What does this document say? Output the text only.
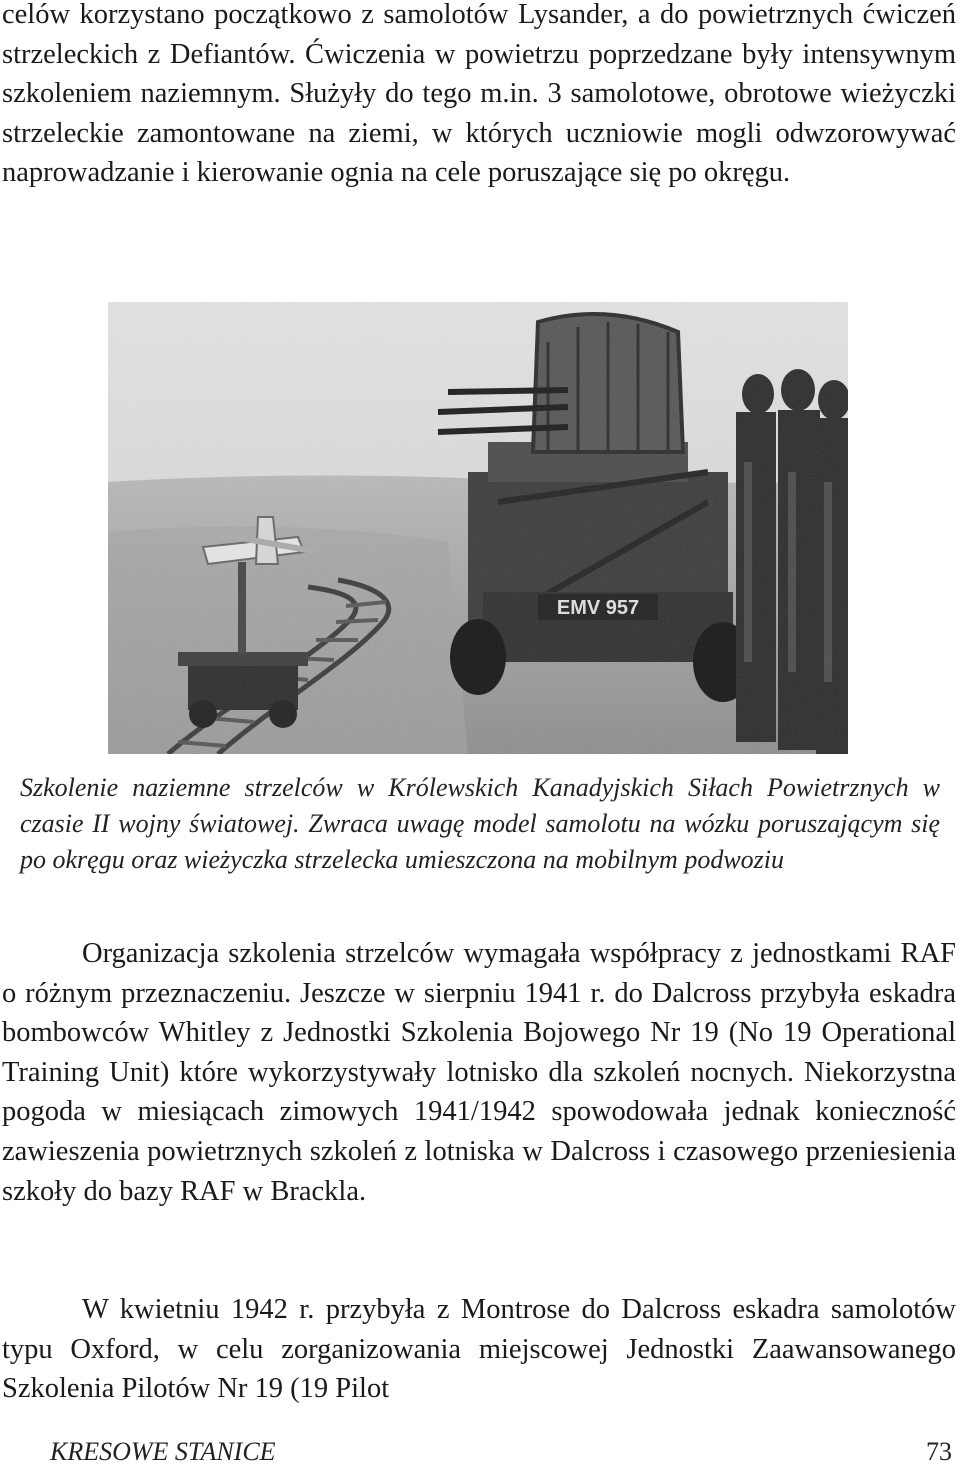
celów korzystano początkowo z samolotów Lysander, a do powietrznych ćwiczeń strzeleckich z Defiantów. Ćwiczenia w powietrzu poprzedzane były intensywnym szkoleniem naziemnym. Służyły do tego m.in. 3 samolotowe, obrotowe wieżyczki strzeleckie zamontowane na ziemi, w których uczniowie mogli odwzorowywać naprowadzanie i kierowanie ognia na cele poruszające się po okręgu.

Szkolenie naziemne strzelców w Królewskich Kanadyjskich Siłach Powietrznych w czasie II wojny światowej. Zwraca uwagę model samolotu na wózku poruszającym się po okręgu oraz wieżyczka strzelecka umieszczona na mobilnym podwoziu

Organizacja szkolenia strzelców wymagała współpracy z jednostkami RAF o różnym przeznaczeniu. Jeszcze w sierpniu 1941 r. do Dalcross przybyła eskadra bombowców Whitley z Jednostki Szkolenia Bojowego Nr 19 (No 19 Operational Training Unit) które wykorzystywały lotnisko dla szkoleń nocnych. Niekorzystna pogoda w miesiącach zimowych 1941/1942 spowodowała jednak konieczność zawieszenia powietrznych szkoleń z lotniska w Dalcross i czasowego przeniesienia szkoły do bazy RAF w Brackla.

W kwietniu 1942 r. przybyła z Montrose do Dalcross eskadra samolotów typu Oxford, w celu zorganizowania miejscowej Jednostki Zaawansowanego Szkolenia Pilotów Nr 19 (19 Pilot

KRESOWE STANICE	73
